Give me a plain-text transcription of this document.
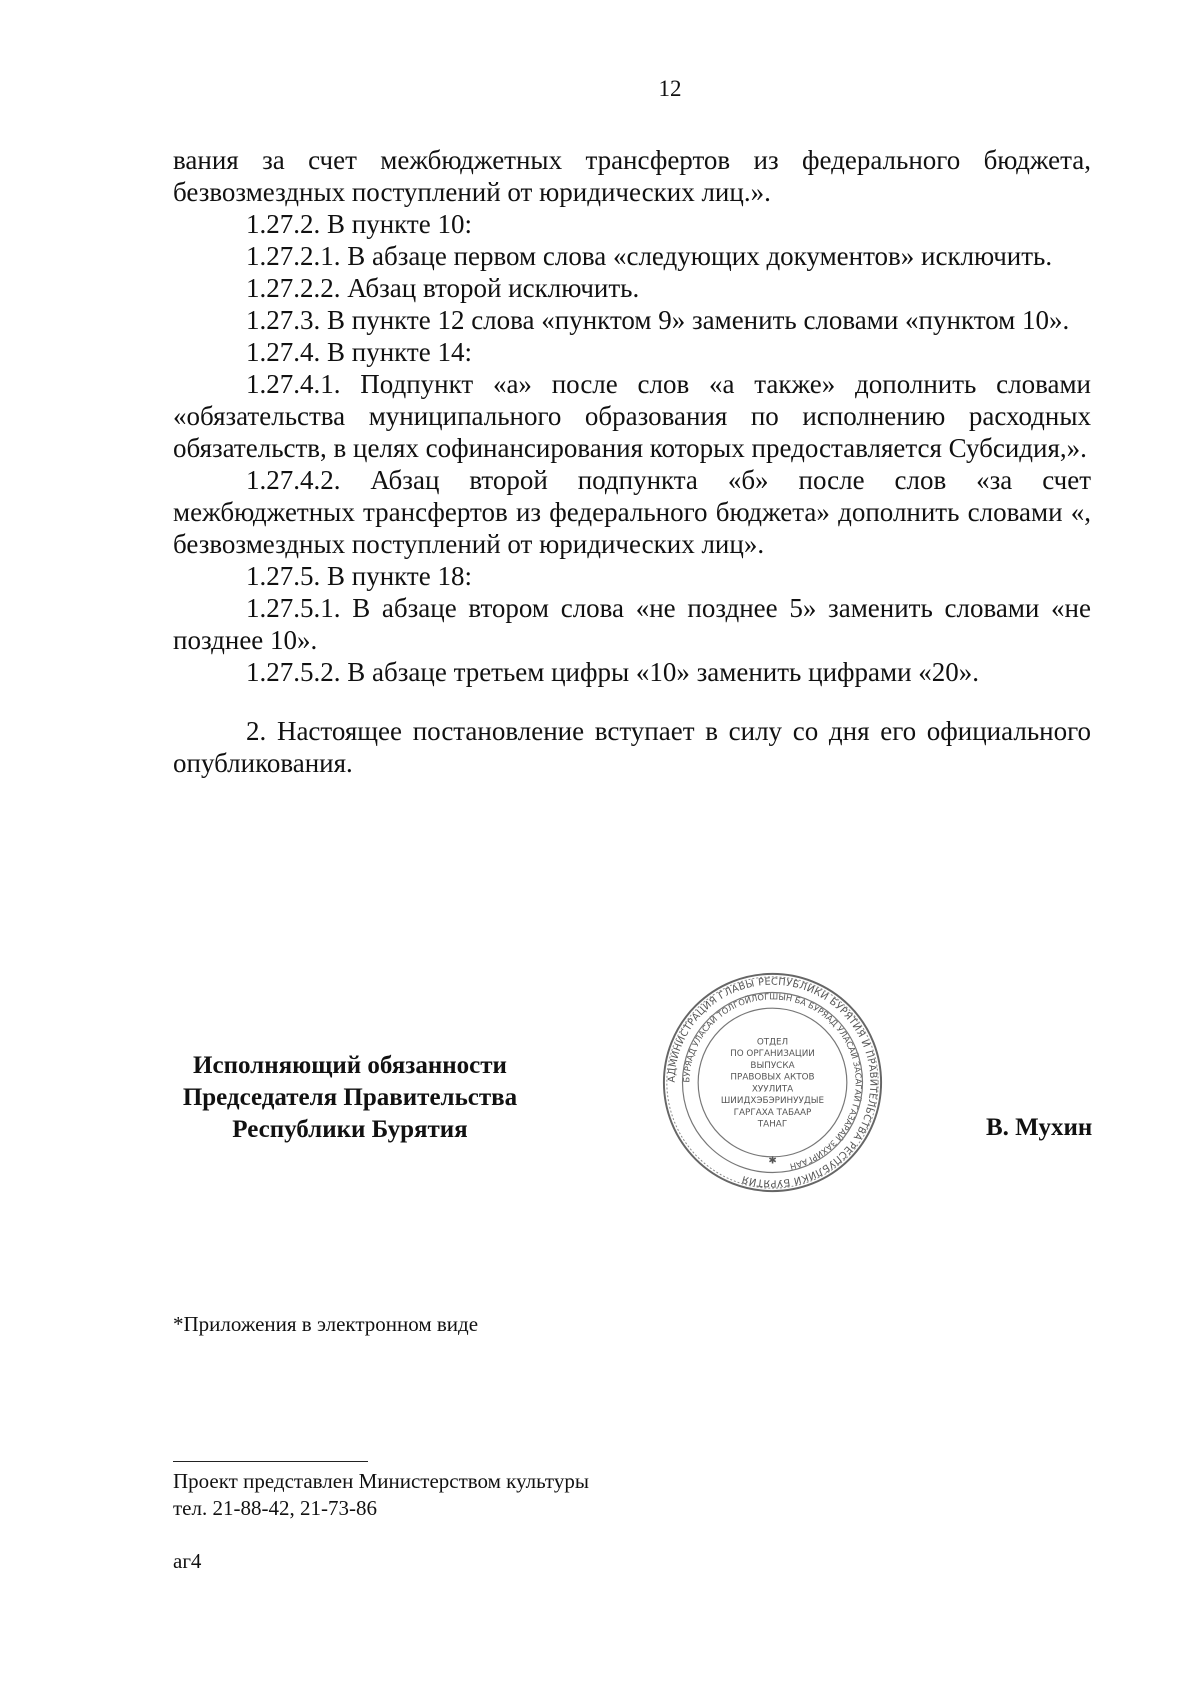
12

вания за счет межбюджетных трансфертов из федерального бюджета, безвозмездных поступлений от юридических лиц.».

1.27.2. В пункте 10:

1.27.2.1. В абзаце первом слова «следующих документов» исключить.

1.27.2.2. Абзац второй исключить.

1.27.3. В пункте 12 слова «пунктом 9» заменить словами «пунктом 10».

1.27.4. В пункте 14:

1.27.4.1. Подпункт «а» после слов «а также» дополнить словами «обязательства муниципального образования по исполнению расходных обязательств, в целях софинансирования которых предоставляется Субсидия,».

1.27.4.2. Абзац второй подпункта «б» после слов «за счет межбюджетных трансфертов из федерального бюджета» дополнить словами «, безвозмездных поступлений от юридических лиц».

1.27.5. В пункте 18:

1.27.5.1. В абзаце втором слова «не позднее 5» заменить словами «не позднее 10».

1.27.5.2. В абзаце третьем цифры «10» заменить цифрами «20».

2. Настоящее постановление вступает в силу со дня его официального опубликования.

Исполняющий обязанности
Председателя Правительства
Республики Бурятия
АДМИНИСТРАЦИЯ ГЛАВЫ РЕСПУБЛИКИ БУРЯТИЯ И ПРАВИТЕЛЬСТВА РЕСПУБЛИКИ БУРЯТИЯ
БУРЯАД УЛАСАЙ ТОЛГОЙЛОГШЫН БА БУРЯАД УЛАСАЙ ЗАСАГАЙ ГАЗАРАЙ ЗАХИРГААН
ОТДЕЛ
ПО ОРГАНИЗАЦИИ
ВЫПУСКА
ПРАВОВЫХ АКТОВ
ХУУЛИТА
ШИИДХЭБЭРИНУУДЫЕ
ГАРГАХА ТАБААР
ТАHАГ
✱
В. Мухин
*Приложения в электронном виде
Проект представлен Министерством культуры
тел. 21-88-42, 21-73-86
аг4
